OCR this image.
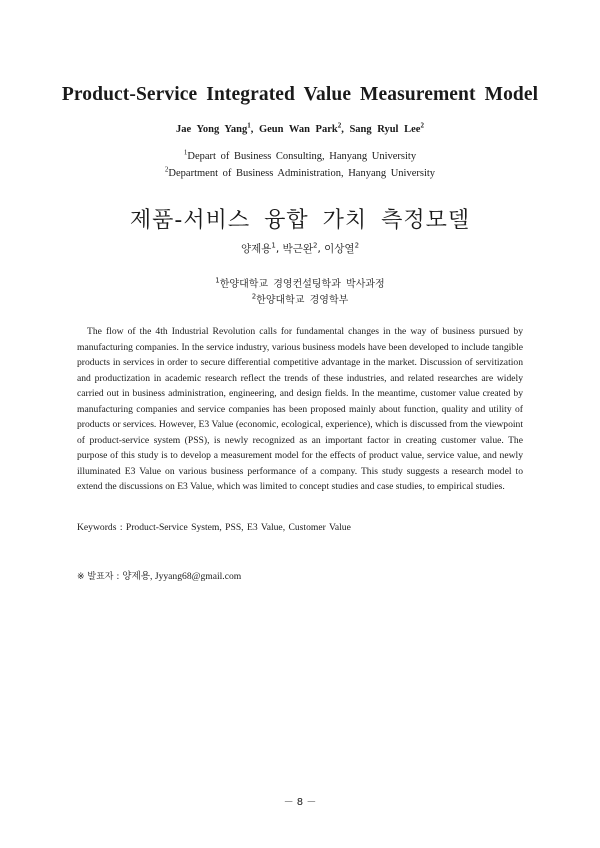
Product-Service Integrated Value Measurement Model
Jae Yong Yang$^1$, Geun Wan Park$^2$, Sang Ryul Lee$^2$
$^1$Depart of Business Consulting, Hanyang University
$^2$Department of Business Administration, Hanyang University
제품-서비스 융합 가치 측정모델
양제용$^1$, 박근완$^2$, 이상열$^2$
$^1$한양대학교 경영컨설팅학과 박사과정
$^2$한양대학교 경영학부
The flow of the 4th Industrial Revolution calls for fundamental changes in the way of business pursued by manufacturing companies. In the service industry, various business models have been developed to include tangible products in services in order to secure differential competitive advantage in the market. Discussion of servitization and productization in academic research reflect the trends of these industries, and related researches are widely carried out in business administration, engineering, and design fields. In the meantime, customer value created by manufacturing companies and service companies has been proposed mainly about function, quality and utility of products or services. However, E3 Value (economic, ecological, experience), which is discussed from the viewpoint of product-service system (PSS), is newly recognized as an important factor in creating customer value. The purpose of this study is to develop a measurement model for the effects of product value, service value, and newly illuminated E3 Value on various business performance of a company. This study suggests a research model to extend the discussions on E3 Value, which was limited to concept studies and case studies, to empirical studies.
Keywords : Product-Service System, PSS, E3 Value, Customer Value
※ 발표자 : 양제용, Jyyang68@gmail.com
－ 8 －
